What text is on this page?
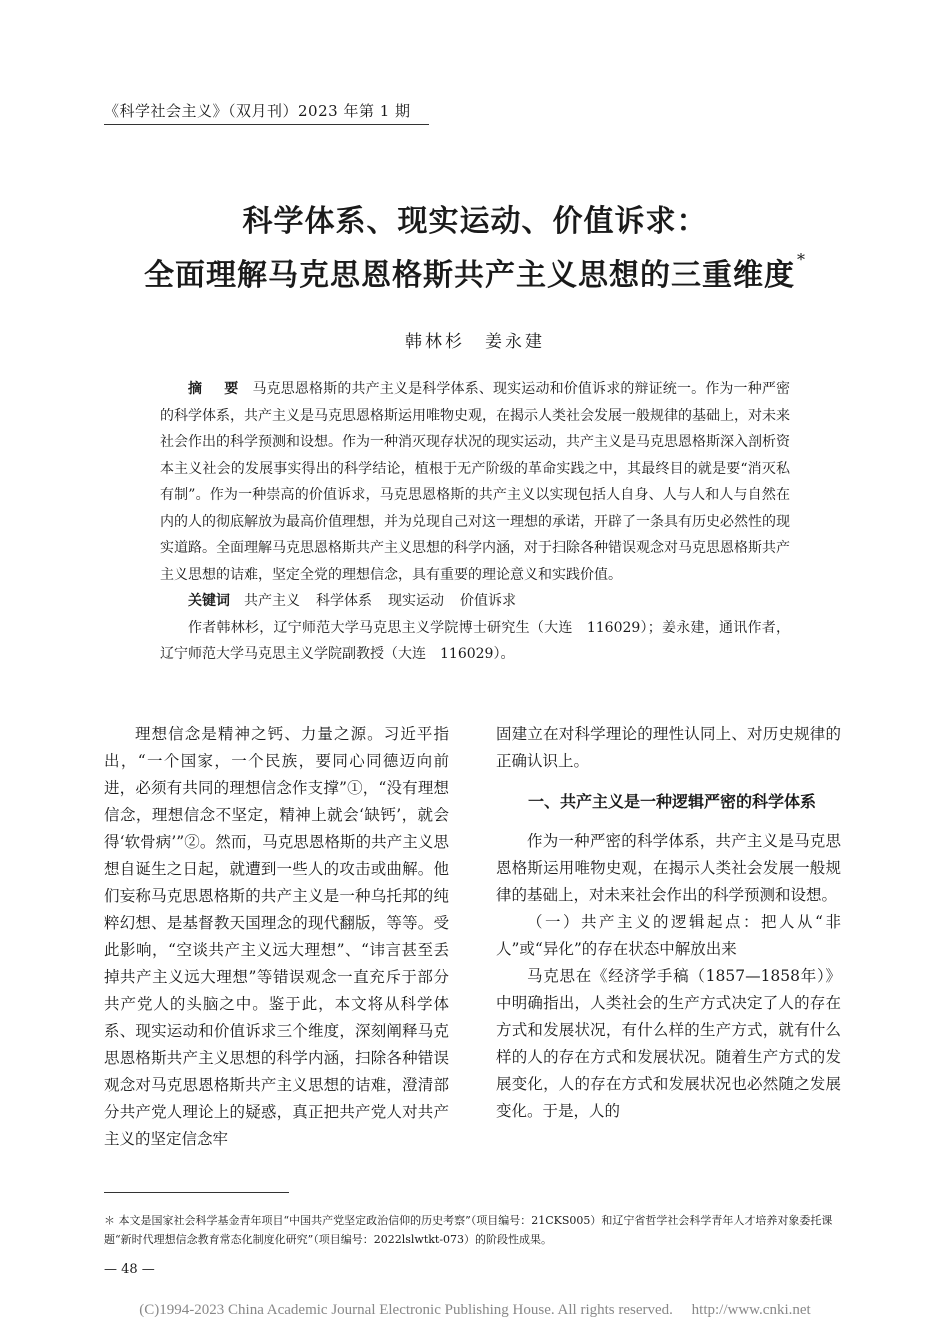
《科学社会主义》（双月刊）2023 年第 1 期
科学体系、现实运动、价值诉求：
全面理解马克思恩格斯共产主义思想的三重维度 *
韩林杉　姜永建

摘　要 马克思恩格斯的共产主义是科学体系、现实运动和价值诉求的辩证统一。作为一种严密的科学体系，共产主义是马克思恩格斯运用唯物史观，在揭示人类社会发展一般规律的基础上，对未来社会作出的科学预测和设想。作为一种消灭现存状况的现实运动，共产主义是马克思恩格斯深入剖析资本主义社会的发展事实得出的科学结论，植根于无产阶级的革命实践之中，其最终目的就是要“消灭私有制”。作为一种崇高的价值诉求，马克思恩格斯的共产主义以实现包括人自身、人与人和人与自然在内的人的彻底解放为最高价值理想，并为兑现自己对这一理想的承诺，开辟了一条具有历史必然性的现实道路。全面理解马克思恩格斯共产主义思想的科学内涵，对于扫除各种错误观念对马克思恩格斯共产主义思想的诘难，坚定全党的理想信念，具有重要的理论意义和实践价值。

关键词 共产主义 科学体系 现实运动 价值诉求

作者韩林杉，辽宁师范大学马克思主义学院博士研究生（大连　116029）；姜永建，通讯作者，辽宁师范大学马克思主义学院副教授（大连　116029）。

理想信念是精神之钙、力量之源。习近平指出，“一个国家，一个民族，要同心同德迈向前进，必须有共同的理想信念作支撑”①，“没有理想信念，理想信念不坚定，精神上就会‘缺钙’，就会得‘软骨病’”②。然而，马克思恩格斯的共产主义思想自诞生之日起，就遭到一些人的攻击或曲解。他们妄称马克思恩格斯的共产主义是一种乌托邦的纯粹幻想、是基督教天国理念的现代翻版，等等。受此影响，“空谈共产主义远大理想”、“讳言甚至丢掉共产主义远大理想”等错误观念一直充斥于部分共产党人的头脑之中。鉴于此，本文将从科学体系、现实运动和价值诉求三个维度，深刻阐释马克思恩格斯共产主义思想的科学内涵，扫除各种错误观念对马克思恩格斯共产主义思想的诘难，澄清部分共产党人理论上的疑惑，真正把共产党人对共产主义的坚定信念牢

固建立在对科学理论的理性认同上、对历史规律的正确认识上。

一、共产主义是一种逻辑严密的科学体系

作为一种严密的科学体系，共产主义是马克思恩格斯运用唯物史观，在揭示人类社会发展一般规律的基础上，对未来社会作出的科学预测和设想。

（一）共产主义的逻辑起点：把人从“非人”或“异化”的存在状态中解放出来

马克思在《经济学手稿（1857—1858年）》中明确指出，人类社会的生产方式决定了人的存在方式和发展状况，有什么样的生产方式，就有什么样的人的存在方式和发展状况。随着生产方式的发展变化，人的存在方式和发展状况也必然随之发展变化。于是，人的

＊ 本文是国家社会科学基金青年项目“中国共产党坚定政治信仰的历史考察”（项目编号：21CKS005）和辽宁省哲学社会科学青年人才培养对象委托课题“新时代理想信念教育常态化制度化研究”（项目编号：2022lslwtkt-073）的阶段性成果。
— 48 —
(C)1994-2023 China Academic Journal Electronic Publishing House. All rights reserved.　 http://www.cnki.net
